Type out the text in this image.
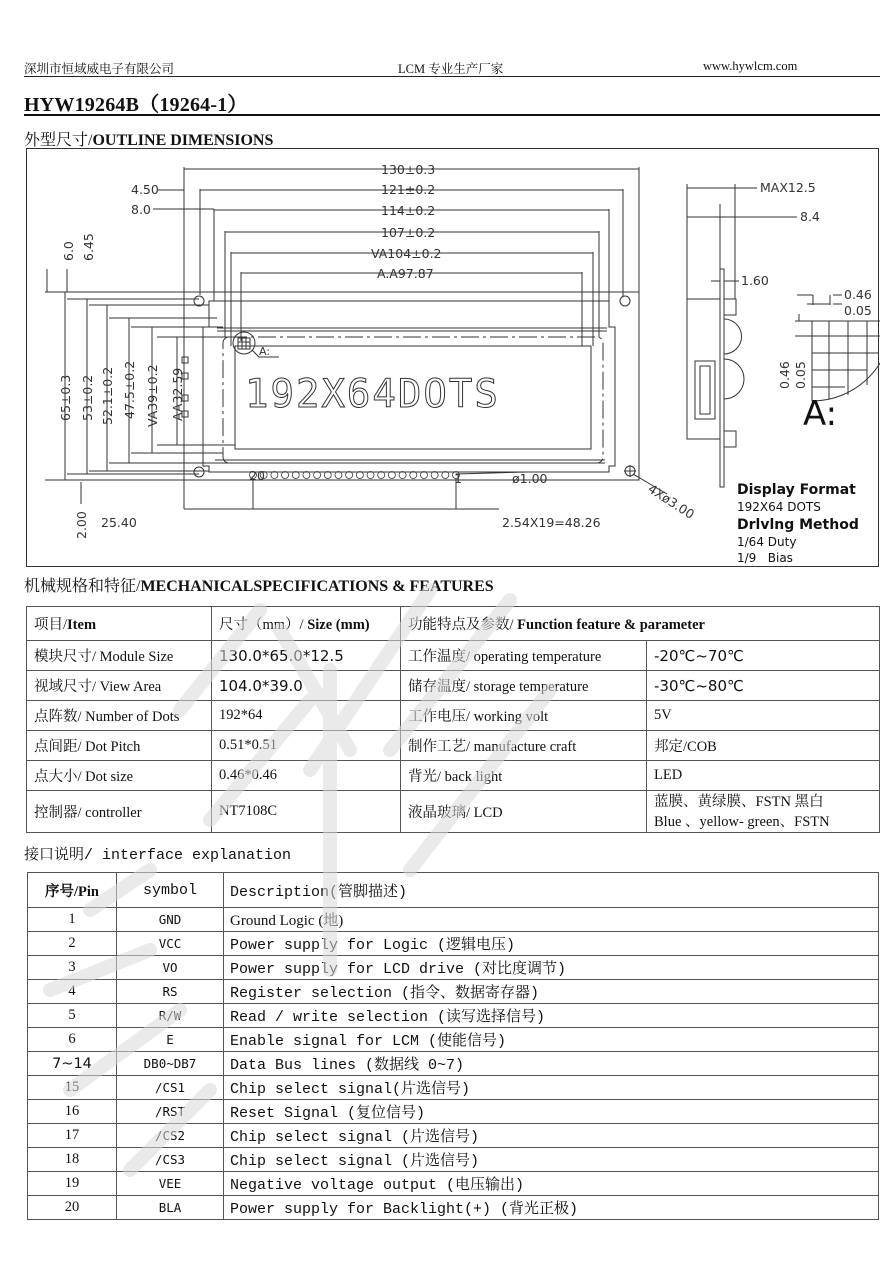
深圳市恒域威电子有限公司	LCM 专业生产厂家	www.hywlcm.com
HYW19264B（19264-1）
外型尺寸/OUTLINE DIMENSIONS
130±0.3
121±0.2
114±0.2
107±0.2
VA104±0.2
A.A97.87
4.50
8.0
6.0 6.45
65±0.3 53±0.2 52.1±0.2 47.5±0.2 VA39±0.2 AA32.59
2.00 25.40	2.54X19=48.26
ø1.00
4Xø3.00
20	1
192X64DOTS
A:
MAX12.5
8.4
1.60
0.46
0.05
0.46 0.05
A:
Display Format
192X64 DOTS
Drlvlng Method
1/64 Duty
1/9   Bias
机械规格和特征/MECHANICALSPECIFICATIONS & FEATURES
项目/Item	尺寸（mm）/ Size (mm)	功能特点及参数/ Function feature & parameter	
模块尺寸/ Module Size	130.0*65.0*12.5	工作温度/ operating temperature	-20℃~70℃
视域尺寸/ View Area	104.0*39.0	储存温度/ storage temperature	-30℃~80℃
点阵数/ Number of Dots	192*64	工作电压/ working volt	5V
点间距/ Dot Pitch	0.51*0.51	制作工艺/ manufacture craft	邦定/COB
点大小/ Dot size	0.46*0.46	背光/ back light	LED
控制器/ controller	NT7108C	液晶玻璃/ LCD	蓝膜、黄绿膜、FSTN 黑白
Blue 、yellow- green、FSTN
接口说明/ interface explanation
序号/Pin	symbol	Description(管脚描述)
1	GND	Ground Logic (地)
2	VCC	Power supply for Logic (逻辑电压)
3	VO	Power supply for LCD drive (对比度调节)
4	RS	Register selection (指令、数据寄存器)
5	R/W	Read / write selection (读写选择信号)
6	E	Enable signal for LCM (使能信号)
7~14	DB0~DB7	Data Bus lines (数据线 0~7)
15	/CS1	Chip select signal(片选信号)
16	/RST	Reset Signal (复位信号)
17	/CS2	Chip select signal (片选信号)
18	/CS3	Chip select signal (片选信号)
19	VEE	Negative voltage output (电压输出)
20	BLA	Power supply for Backlight(+) (背光正极)
